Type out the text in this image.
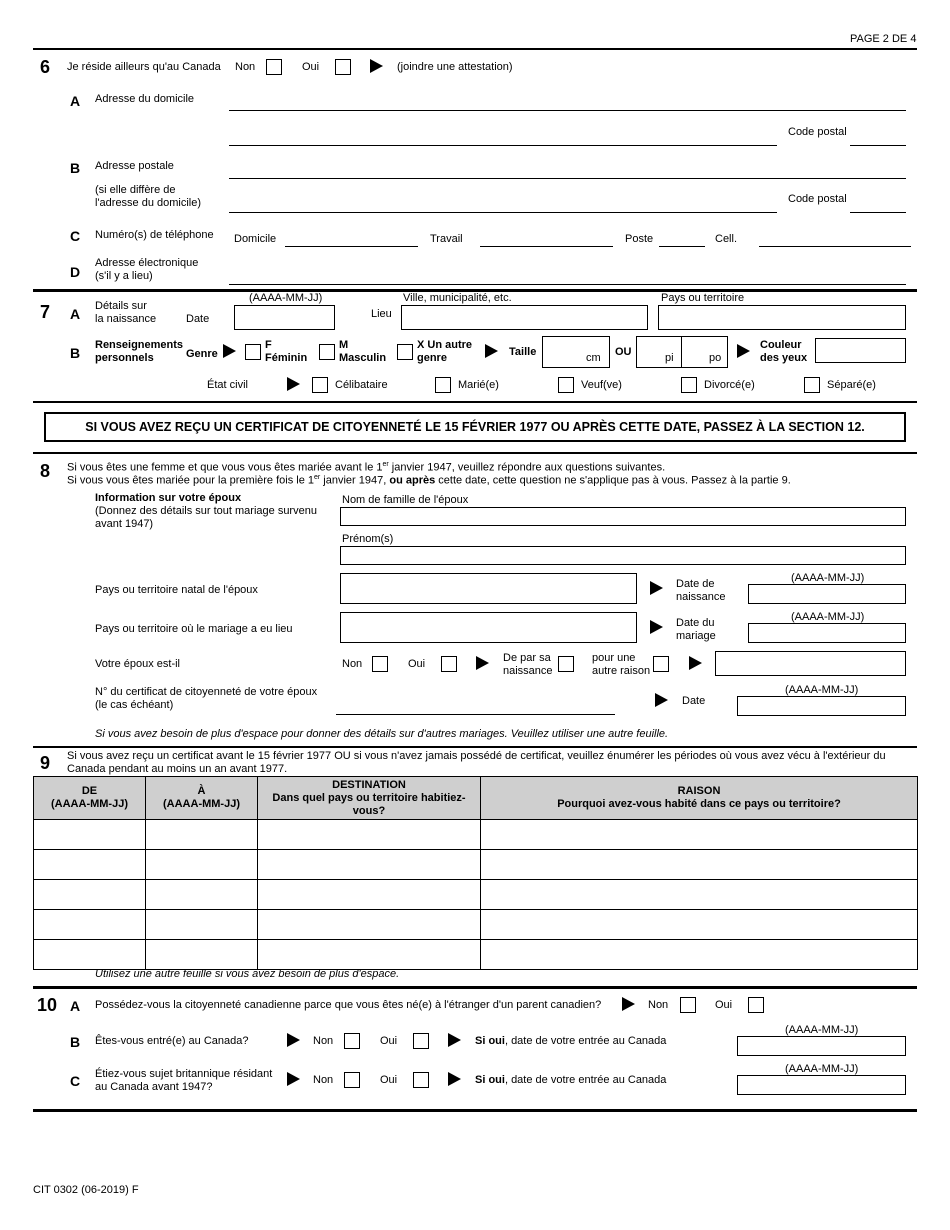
PAGE 2 DE 4
6 Je réside ailleurs qu'au Canada Non	Oui	(joindre une attestation)
A Adresse du domicile
Code postal
B Adresse postale
(si elle diffère de
l'adresse du domicile)	Code postal
C Numéro(s) de téléphone Domicile	Travail	Poste	Cell.
D
Adresse électronique
(s'il y a lieu)
7 A Détails sur
la naissance	Date
(AAAA-MM-JJ)
Lieu
Ville, municipalité, etc.	Pays ou territoire
B Renseignements
personnels	Genre
F
Féminin
M
Masculin
X Un autre
genre	Taille	cm OU	pi	po
Couleur
des yeux
État civil	Célibataire	Marié(e)	Veuf(ve)	Divorcé(e)	Séparé(e)
SI VOUS AVEZ REÇU UN CERTIFICAT DE CITOYENNETÉ LE 15 FÉVRIER 1977 OU APRÈS CETTE DATE, PASSEZ À LA SECTION 12.
8 Si vous êtes une femme et que vous vous êtes mariée avant le 1er janvier 1947, veuillez répondre aux questions suivantes.
Si vous vous êtes mariée pour la première fois le 1er janvier 1947, ou après cette date, cette question ne s'applique pas à vous. Passez à la partie 9.
Information sur votre époux
(Donnez des détails sur tout mariage survenu
avant 1947)
Nom de famille de l'époux
Prénom(s)
Pays ou territoire natal de l'époux	Date de
naissance
(AAAA-MM-JJ)
Pays ou territoire où le mariage a eu lieu	Date du
mariage
(AAAA-MM-JJ)
Votre époux est-il	Non	Oui	De par sa
naissance
pour une
autre raison
N° du certificat de citoyenneté de votre époux
(le cas échéant)	Date
(AAAA-MM-JJ)
Si vous avez besoin de plus d'espace pour donner des détails sur d'autres mariages. Veuillez utiliser une autre feuille.
9 Si vous avez reçu un certificat avant le 15 février 1977 OU si vous n'avez jamais possédé de certificat, veuillez énumérer les périodes où vous avez vécu à l'extérieur du
Canada pendant au moins un an avant 1977.
DE
(AAAA-MM-JJ)	À
(AAAA-MM-JJ)	DESTINATION
Dans quel pays ou territoire habitiez-vous?	RAISON
Pourquoi avez-vous habité dans ce pays ou territoire?

Utilisez une autre feuille si vous avez besoin de plus d'espace.
10 A Possédez-vous la citoyenneté canadienne parce que vous êtes né(e) à l'étranger d'un parent canadien?	Non	Oui
B Êtes-vous entré(e) au Canada?	Non	Oui	Si oui, date de votre entrée au Canada
(AAAA-MM-JJ)
C Étiez-vous sujet britannique résidant
au Canada avant 1947?
Non	Oui	Si oui, date de votre entrée au Canada
(AAAA-MM-JJ)
CIT 0302 (06-2019) F
